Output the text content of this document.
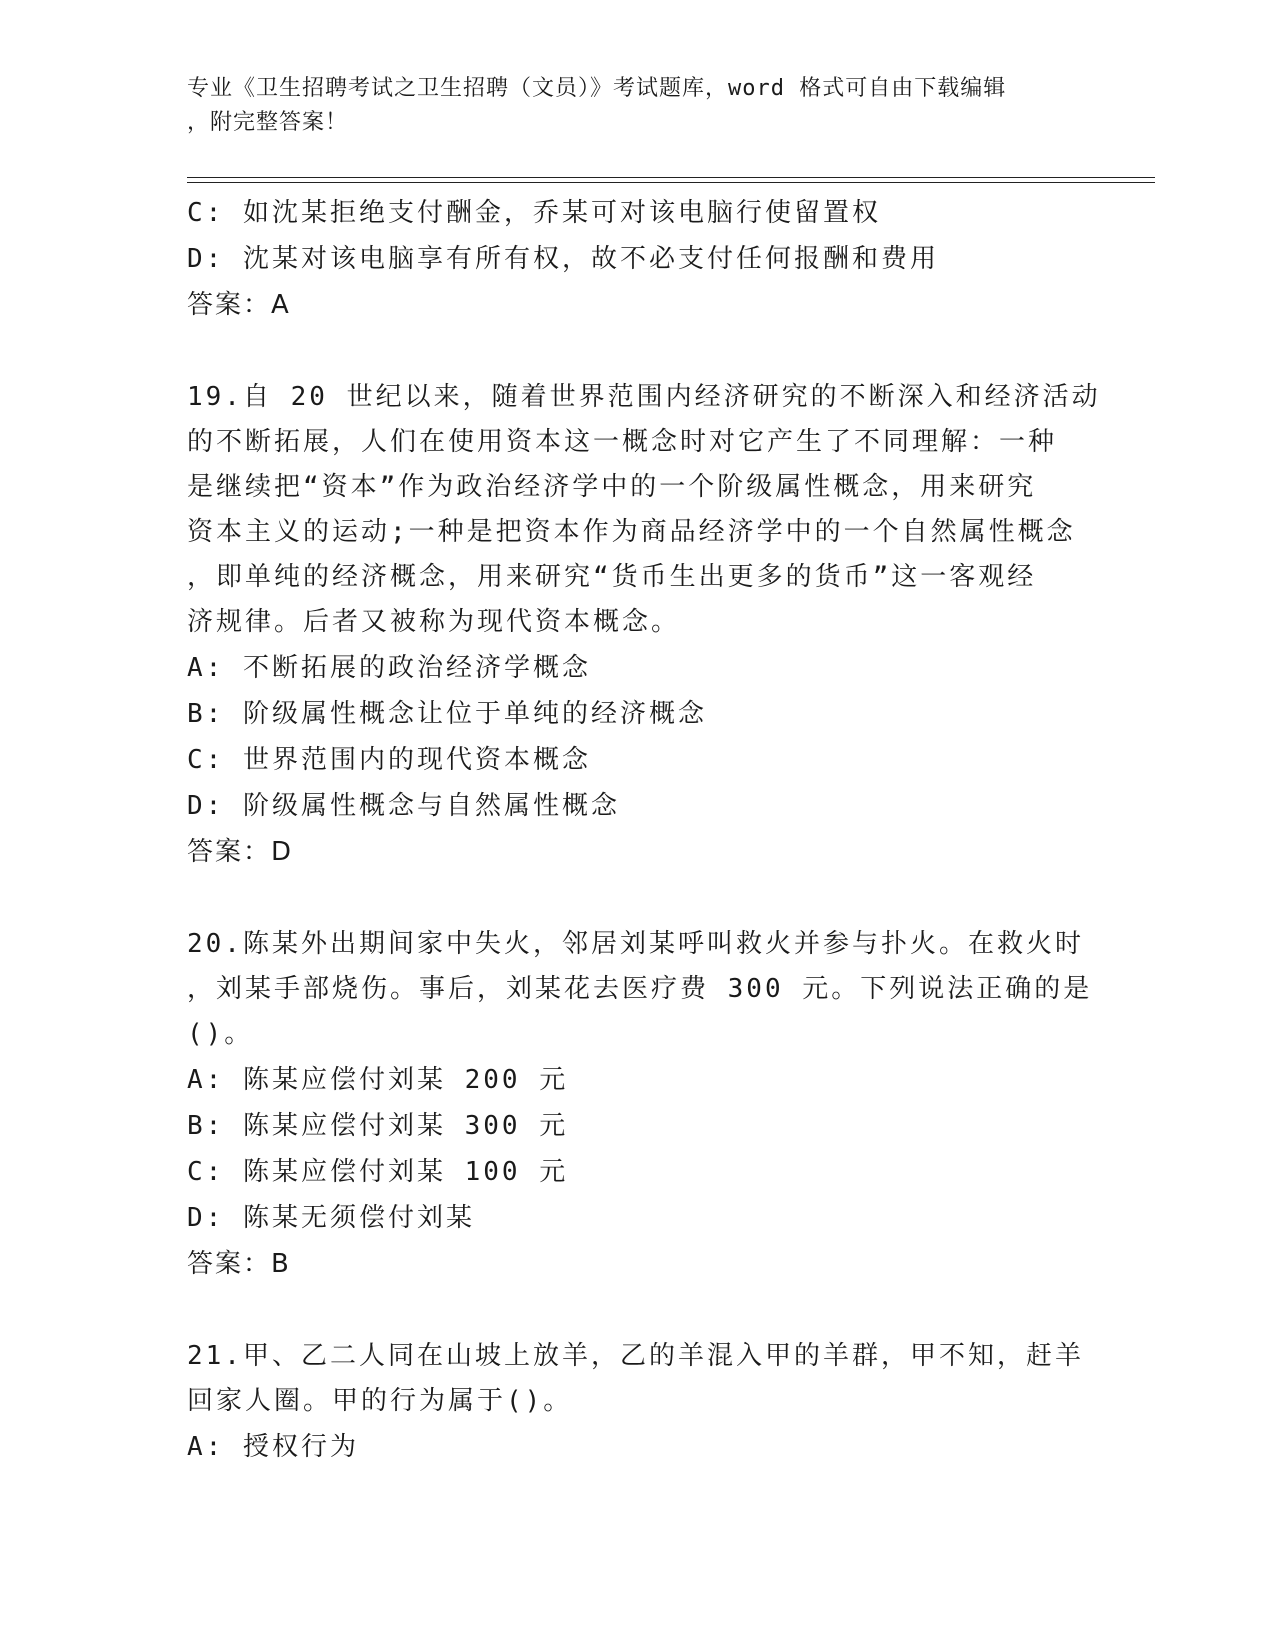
专业《卫生招聘考试之卫生招聘（文员）》考试题库，word 格式可自由下载编辑
，附完整答案！
C: 如沈某拒绝支付酬金，乔某可对该电脑行使留置权
D: 沈某对该电脑享有所有权，故不必支付任何报酬和费用
答案：A
19.自 20 世纪以来，随着世界范围内经济研究的不断深入和经济活动
的不断拓展，人们在使用资本这一概念时对它产生了不同理解：一种
是继续把“资本”作为政治经济学中的一个阶级属性概念，用来研究
资本主义的运动;一种是把资本作为商品经济学中的一个自然属性概念
，即单纯的经济概念，用来研究“货币生出更多的货币”这一客观经
济规律。后者又被称为现代资本概念。
A: 不断拓展的政治经济学概念
B: 阶级属性概念让位于单纯的经济概念
C: 世界范围内的现代资本概念
D: 阶级属性概念与自然属性概念
答案：D
20.陈某外出期间家中失火，邻居刘某呼叫救火并参与扑火。在救火时
，刘某手部烧伤。事后，刘某花去医疗费 300 元。下列说法正确的是
()。
A: 陈某应偿付刘某 200 元
B: 陈某应偿付刘某 300 元
C: 陈某应偿付刘某 100 元
D: 陈某无须偿付刘某
答案：B
21.甲、乙二人同在山坡上放羊，乙的羊混入甲的羊群，甲不知，赶羊
回家人圈。甲的行为属于()。
A: 授权行为
